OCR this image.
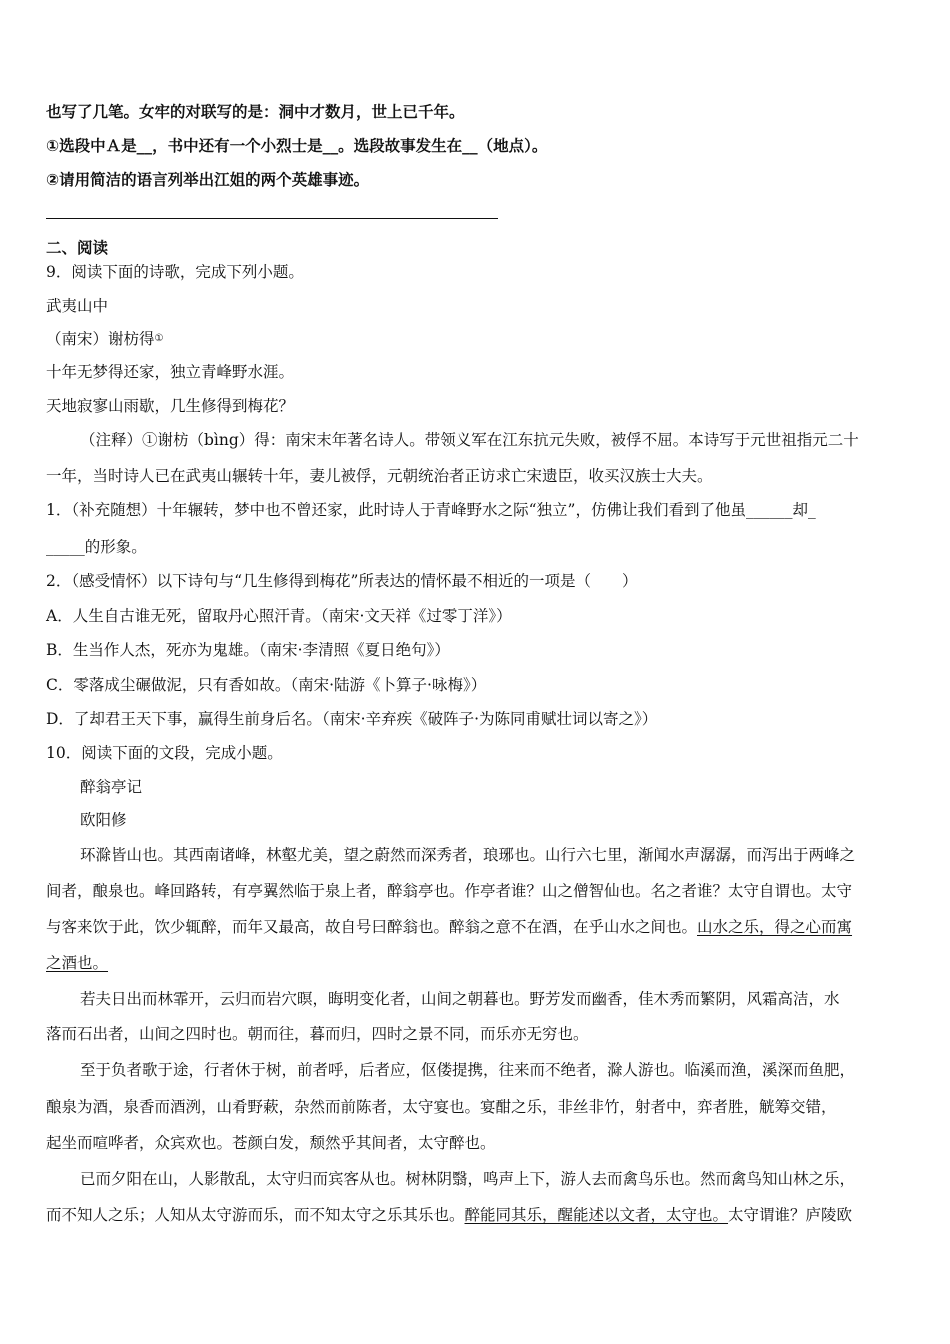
也写了几笔。女牢的对联写的是：洞中才数月，世上已千年。
①选段中Ａ是__，书中还有一个小烈士是__。选段故事发生在__（地点）。
②请用简洁的语言列举出江姐的两个英雄事迹。
二、阅读
9．阅读下面的诗歌，完成下列小题。
武夷山中
（南宋）谢枋得①
十年无梦得还家，独立青峰野水涯。
天地寂寥山雨歇，几生修得到梅花？
（注释）①谢枋（bìng）得：南宋末年著名诗人。带领义军在江东抗元失败，被俘不屈。本诗写于元世祖指元二十
一年，当时诗人已在武夷山辗转十年，妻儿被俘，元朝统治者正访求亡宋遗臣，收买汉族士大夫。
1．（补充随想）十年辗转，梦中也不曾还家，此时诗人于青峰野水之际“独立”，仿佛让我们看到了他虽______却_
_____的形象。
2．（感受情怀）以下诗句与“几生修得到梅花”所表达的情怀最不相近的一项是（　　）
A．人生自古谁无死，留取丹心照汗青。（南宋·文天祥《过零丁洋》）
B．生当作人杰，死亦为鬼雄。（南宋·李清照《夏日绝句》）
C．零落成尘碾做泥，只有香如故。（南宋·陆游《卜算子·咏梅》）
D．了却君王天下事，赢得生前身后名。（南宋·辛弃疾《破阵子·为陈同甫赋壮词以寄之》）
10．阅读下面的文段，完成小题。
醉翁亭记
欧阳修
环滁皆山也。其西南诸峰，林壑尤美，望之蔚然而深秀者，琅琊也。山行六七里，渐闻水声潺潺，而泻出于两峰之
间者，酿泉也。峰回路转，有亭翼然临于泉上者，醉翁亭也。作亭者谁？山之僧智仙也。名之者谁？太守自谓也。太守
与客来饮于此，饮少辄醉，而年又最高，故自号曰醉翁也。醉翁之意不在酒，在乎山水之间也。山水之乐，得之心而寓
之酒也。
若夫日出而林霏开，云归而岩穴暝，晦明变化者，山间之朝暮也。野芳发而幽香，佳木秀而繁阴，风霜高洁，水
落而石出者，山间之四时也。朝而往，暮而归，四时之景不同，而乐亦无穷也。
至于负者歌于途，行者休于树，前者呼，后者应，伛偻提携，往来而不绝者，滁人游也。临溪而渔，溪深而鱼肥，
酿泉为酒，泉香而酒洌，山肴野蔌，杂然而前陈者，太守宴也。宴酣之乐，非丝非竹，射者中，弈者胜，觥筹交错，
起坐而喧哗者，众宾欢也。苍颜白发，颓然乎其间者，太守醉也。
已而夕阳在山，人影散乱，太守归而宾客从也。树林阴翳，鸣声上下，游人去而禽鸟乐也。然而禽鸟知山林之乐，
而不知人之乐；人知从太守游而乐，而不知太守之乐其乐也。醉能同其乐，醒能述以文者，太守也。太守谓谁？庐陵欧
